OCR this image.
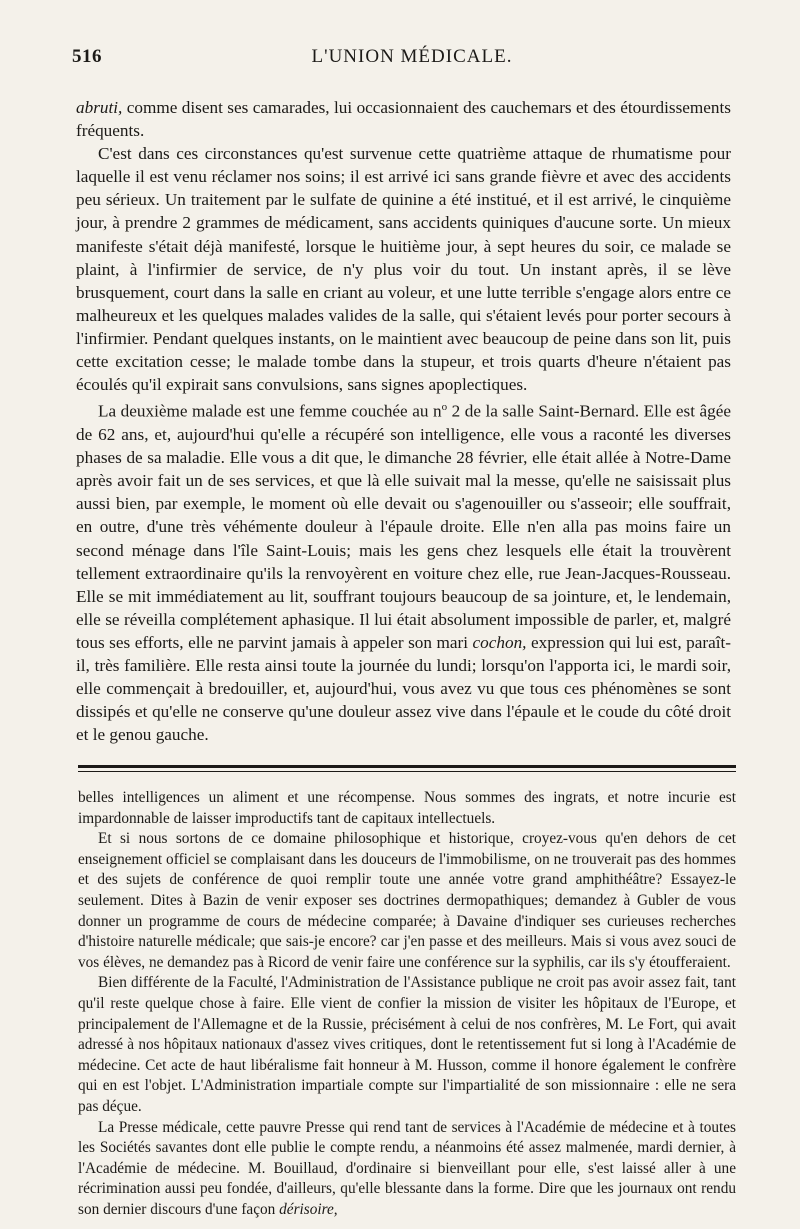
516	L'UNION MÉDICALE.

abruti, comme disent ses camarades, lui occasionnaient des cauchemars et des étourdissements fréquents.

C'est dans ces circonstances qu'est survenue cette quatrième attaque de rhumatisme pour laquelle il est venu réclamer nos soins; il est arrivé ici sans grande fièvre et avec des accidents peu sérieux. Un traitement par le sulfate de quinine a été institué, et il est arrivé, le cinquième jour, à prendre 2 grammes de médicament, sans accidents quiniques d'aucune sorte. Un mieux manifeste s'était déjà manifesté, lorsque le huitième jour, à sept heures du soir, ce malade se plaint, à l'infirmier de service, de n'y plus voir du tout. Un instant après, il se lève brusquement, court dans la salle en criant au voleur, et une lutte terrible s'engage alors entre ce malheureux et les quelques malades valides de la salle, qui s'étaient levés pour porter secours à l'infirmier. Pendant quelques instants, on le maintient avec beaucoup de peine dans son lit, puis cette excitation cesse; le malade tombe dans la stupeur, et trois quarts d'heure n'étaient pas écoulés qu'il expirait sans convulsions, sans signes apoplectiques.

La deuxième malade est une femme couchée au $n^o$ 2 de la salle Saint-Bernard. Elle est âgée de 62 ans, et, aujourd'hui qu'elle a récupéré son intelligence, elle vous a raconté les diverses phases de sa maladie. Elle vous a dit que, le dimanche 28 février, elle était allée à Notre-Dame après avoir fait un de ses services, et que là elle suivait mal la messe, qu'elle ne saisissait plus aussi bien, par exemple, le moment où elle devait ou s'agenouiller ou s'asseoir; elle souffrait, en outre, d'une très véhémente douleur à l'épaule droite. Elle n'en alla pas moins faire un second ménage dans l'île Saint-Louis; mais les gens chez lesquels elle était la trouvèrent tellement extraordinaire qu'ils la renvoyèrent en voiture chez elle, rue Jean-Jacques-Rousseau. Elle se mit immédiatement au lit, souffrant toujours beaucoup de sa jointure, et, le lendemain, elle se réveilla complétement aphasique. Il lui était absolument impossible de parler, et, malgré tous ses efforts, elle ne parvint jamais à appeler son mari cochon, expression qui lui est, paraît-il, très familière. Elle resta ainsi toute la journée du lundi; lorsqu'on l'apporta ici, le mardi soir, elle commençait à bredouiller, et, aujourd'hui, vous avez vu que tous ces phénomènes se sont dissipés et qu'elle ne conserve qu'une douleur assez vive dans l'épaule et le coude du côté droit et le genou gauche.

belles intelligences un aliment et une récompense. Nous sommes des ingrats, et notre incurie est impardonnable de laisser improductifs tant de capitaux intellectuels.

Et si nous sortons de ce domaine philosophique et historique, croyez-vous qu'en dehors de cet enseignement officiel se complaisant dans les douceurs de l'immobilisme, on ne trouverait pas des hommes et des sujets de conférence de quoi remplir toute une année votre grand amphithéâtre? Essayez-le seulement. Dites à Bazin de venir exposer ses doctrines dermopathiques; demandez à Gubler de vous donner un programme de cours de médecine comparée; à Davaine d'indiquer ses curieuses recherches d'histoire naturelle médicale; que sais-je encore? car j'en passe et des meilleurs. Mais si vous avez souci de vos élèves, ne demandez pas à Ricord de venir faire une conférence sur la syphilis, car ils s'y étoufferaient.

Bien différente de la Faculté, l'Administration de l'Assistance publique ne croit pas avoir assez fait, tant qu'il reste quelque chose à faire. Elle vient de confier la mission de visiter les hôpitaux de l'Europe, et principalement de l'Allemagne et de la Russie, précisément à celui de nos confrères, M. Le Fort, qui avait adressé à nos hôpitaux nationaux d'assez vives critiques, dont le retentissement fut si long à l'Académie de médecine. Cet acte de haut libéralisme fait honneur à M. Husson, comme il honore également le confrère qui en est l'objet. L'Administration impartiale compte sur l'impartialité de son missionnaire : elle ne sera pas déçue.

La Presse médicale, cette pauvre Presse qui rend tant de services à l'Académie de médecine et à toutes les Sociétés savantes dont elle publie le compte rendu, a néanmoins été assez malmenée, mardi dernier, à l'Académie de médecine. M. Bouillaud, d'ordinaire si bienveillant pour elle, s'est laissé aller à une récrimination aussi peu fondée, d'ailleurs, qu'elle blessante dans la forme. Dire que les journaux ont rendu son dernier discours d'une façon dérisoire,
